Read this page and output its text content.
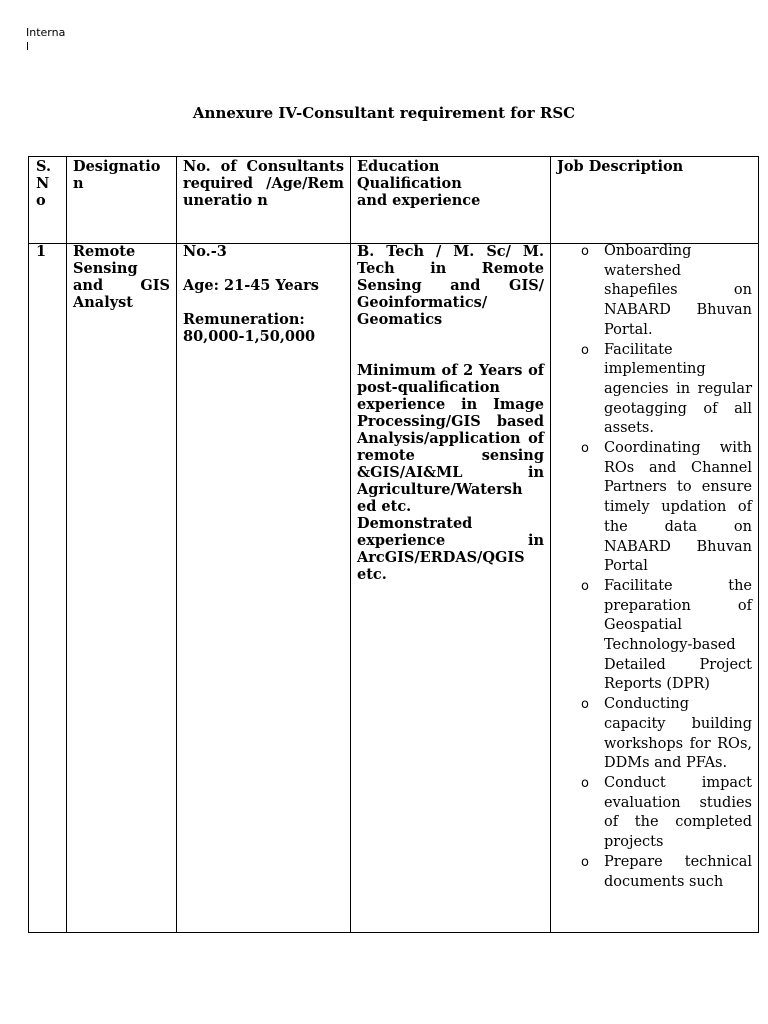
Interna l
Annexure IV-Consultant requirement for RSC
S. N o
Designatio n
No. of Consultants required /Age/Remuneratio n
Education Qualification
and experience
Job Description
1	Remote Sensing and GIS Analyst
No.-3
Age: 21-45 Years
Remuneration:
80,000-1,50,000
B. Tech / M. Sc/ M. Tech in Remote Sensing and GIS/ Geoinformatics/ Geomatics
Minimum of 2 Years of post-qualification experience in Image Processing/GIS based Analysis/application of remote sensing &GIS/AI&ML in Agriculture/Watersh ed etc.
Demonstrated experience in ArcGIS/ERDAS/QGIS etc.
o Onboarding watershed shapefiles on NABARD Bhuvan Portal.
o Facilitate implementing agencies in regular geotagging of all assets.
o Coordinating with ROs and Channel Partners to ensure timely updation of the data on NABARD Bhuvan Portal
o Facilitate the preparation of Geospatial Technology-based Detailed Project Reports (DPR)
o Conducting capacity building workshops for ROs, DDMs and PFAs.
o Conduct impact evaluation studies of the completed projects
o Prepare technical documents such
